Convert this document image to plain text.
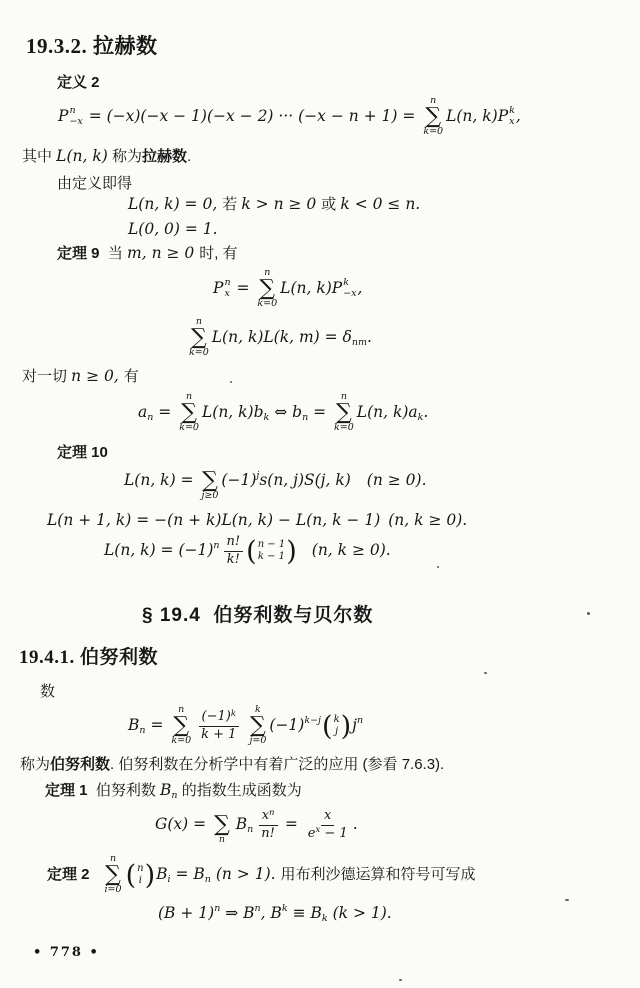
19.3.2. 拉赫数
定义 2
P n
−x = (−x)(−x − 1)(−x − 2) ··· (−x − n + 1) =
n
∑
k=0
L(n, k)P k
x ,
其中 L(n, k) 称为 拉赫数 .
由定义即得
L(n, k) = 0, 若 k > n ≥ 0 或 k < 0 ≤ n.
L(0, 0) = 1.
定理 9 当 m, n ≥ 0 时, 有
P n
x =
n
∑
k=0
L(n, k)P k
−x ,
n
∑
k=0
L(n, k)L(k, m) = δ nm .
对一切 n ≥ 0, 有
a n =
n
∑
k=0
L(n, k)b k ⇔ b n =
n
∑
k=0
L(n, k)a k .
定理 10
L(n, k) = ∑
j≥0
(−1) j s(n, j)S(j, k) (n ≥ 0).
L(n + 1, k) = −(n + k)L(n, k) − L(n, k − 1) (n, k ≥ 0).
L(n, k) = (−1) n $\frac{n!}{k!}$ ( n − 1
k − 1 ) (n, k ≥ 0).
§ 19.4  伯努利数与贝尔数
19.4.1. 伯努利数
数
B n =
n
∑
$k=0 \frac{(-1) k}{k + 1}$ k
∑
j=0
(−1) k−j ( k
j ) j n
称为 伯努利数 . 伯努利数在分析学中有着广泛的应用 (参看 7.6.3).
定理 1 伯努利数 B n 的指数生成函数为
G(x) = ∑
n
B n $\frac{\text{x n}}{n!} = \frac{x}{\text{e x − 1}}$ .
定理 2
n
∑
i=0 ( n
i ) B i = B n (n > 1). 用布利沙德运算和符号可写成
(B + 1) n ⇒ B n , B k ≡ B k (k > 1).
• 778 •
